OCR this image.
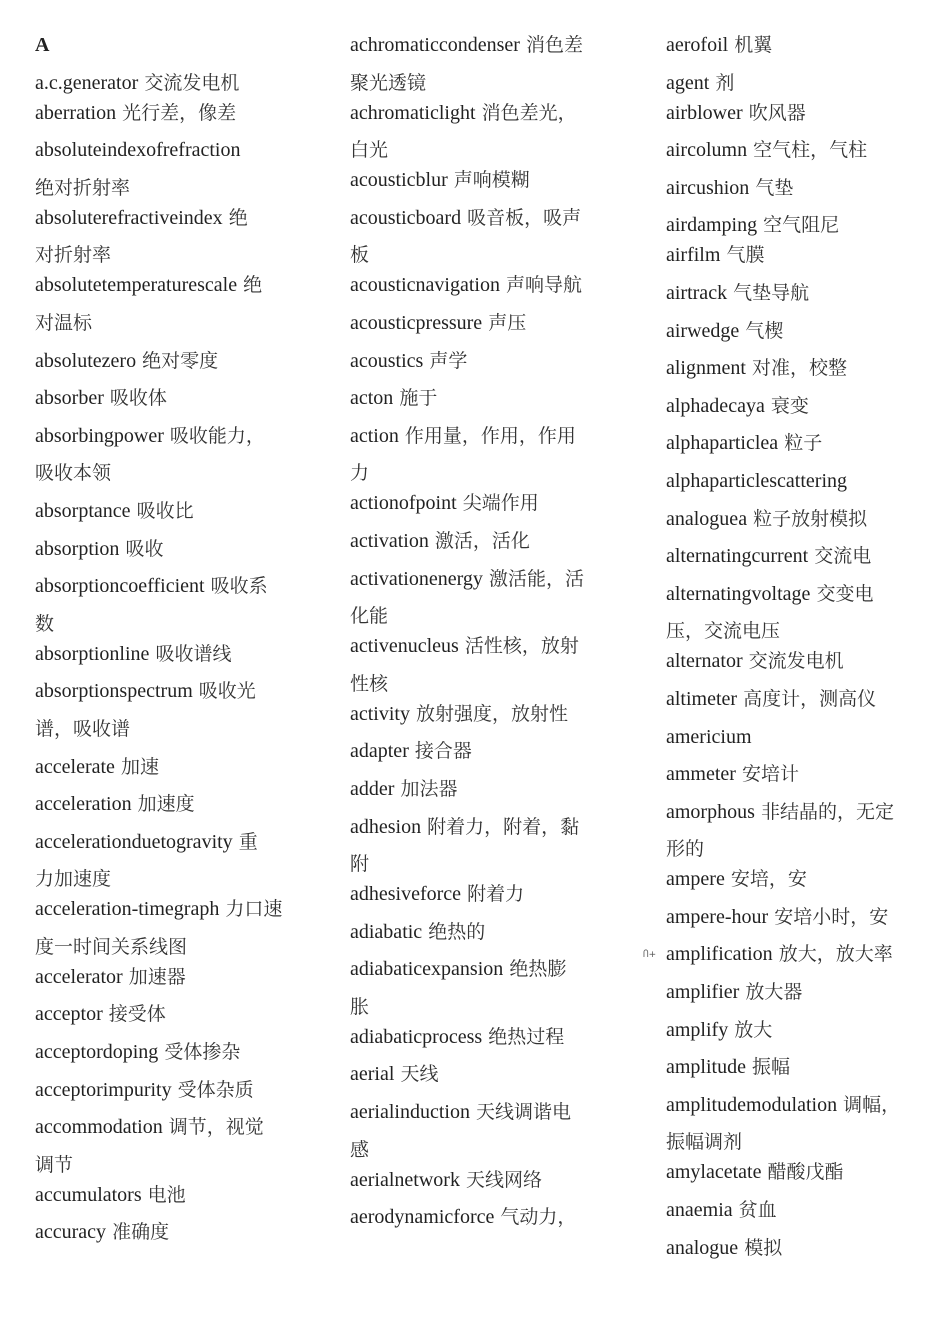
A
a.c.generator 交流发电机
aberration 光行差，像差
absoluteindexofrefraction
绝对折射率
absoluterefractiveindex 绝
对折射率
absolutetemperaturescale 绝
对温标
absolutezero 绝对零度
absorber 吸收体
absorbingpower 吸收能力，
吸收本领
absorptance 吸收比
absorption 吸收
absorptioncoefficient 吸收系
数
absorptionline 吸收谱线
absorptionspectrum 吸收光
谱，吸收谱
accelerate 加速
acceleration 加速度
accelerationduetogravity 重
力加速度
acceleration-timegraph 力口速
度一时间关系线图
accelerator 加速器
acceptor 接受体
acceptordoping 受体掺杂
acceptorimpurity 受体杂质
accommodation 调节，视觉
调节
accumulators 电池
accuracy 准确度
achromaticcondenser 消色差
聚光透镜
achromaticlight 消色差光，
白光
acousticblur 声响模糊
acousticboard 吸音板，吸声
板
acousticnavigation 声响导航
acousticpressure 声压
acoustics 声学
acton 施于
action 作用量，作用，作用
力
actionofpoint 尖端作用
activation 激活，活化
activationenergy 激活能，活
化能
activenucleus 活性核，放射
性核
activity 放射强度，放射性
adapter 接合器
adder 加法器
adhesion 附着力，附着，黏
附
adhesiveforce 附着力
adiabatic 绝热的
adiabaticexpansion 绝热膨
胀
adiabaticprocess 绝热过程
aerial 天线
aerialinduction 天线调谐电
感
aerialnetwork 天线网络
aerodynamicforce 气动力，
aerofoil 机翼
agent 剂
airblower 吹风器
aircolumn 空气柱，气柱
aircushion 气垫
airdamping 空气阻尼
airfilm 气膜
airtrack 气垫导航
airwedge 气楔
alignment 对准，校整
alphadecaya 衰变
alphaparticlea 粒子
alphaparticlescattering
analoguea 粒子放射模拟
alternatingcurrent 交流电
alternatingvoltage 交变电
压，交流电压
alternator 交流发电机
altimeter 高度计，测高仪
americium
ammeter 安培计
amorphous 非结晶的，无定
形的
ampere 安培，安
ampere-hour 安培小时，安
amplification 放大，放大率
amplifier 放大器
amplify 放大
amplitude 振幅
amplitudemodulation 调幅，
振幅调剂
amylacetate 醋酸戊酯
anaemia 贫血
analogue 模拟
Ⴖ+
